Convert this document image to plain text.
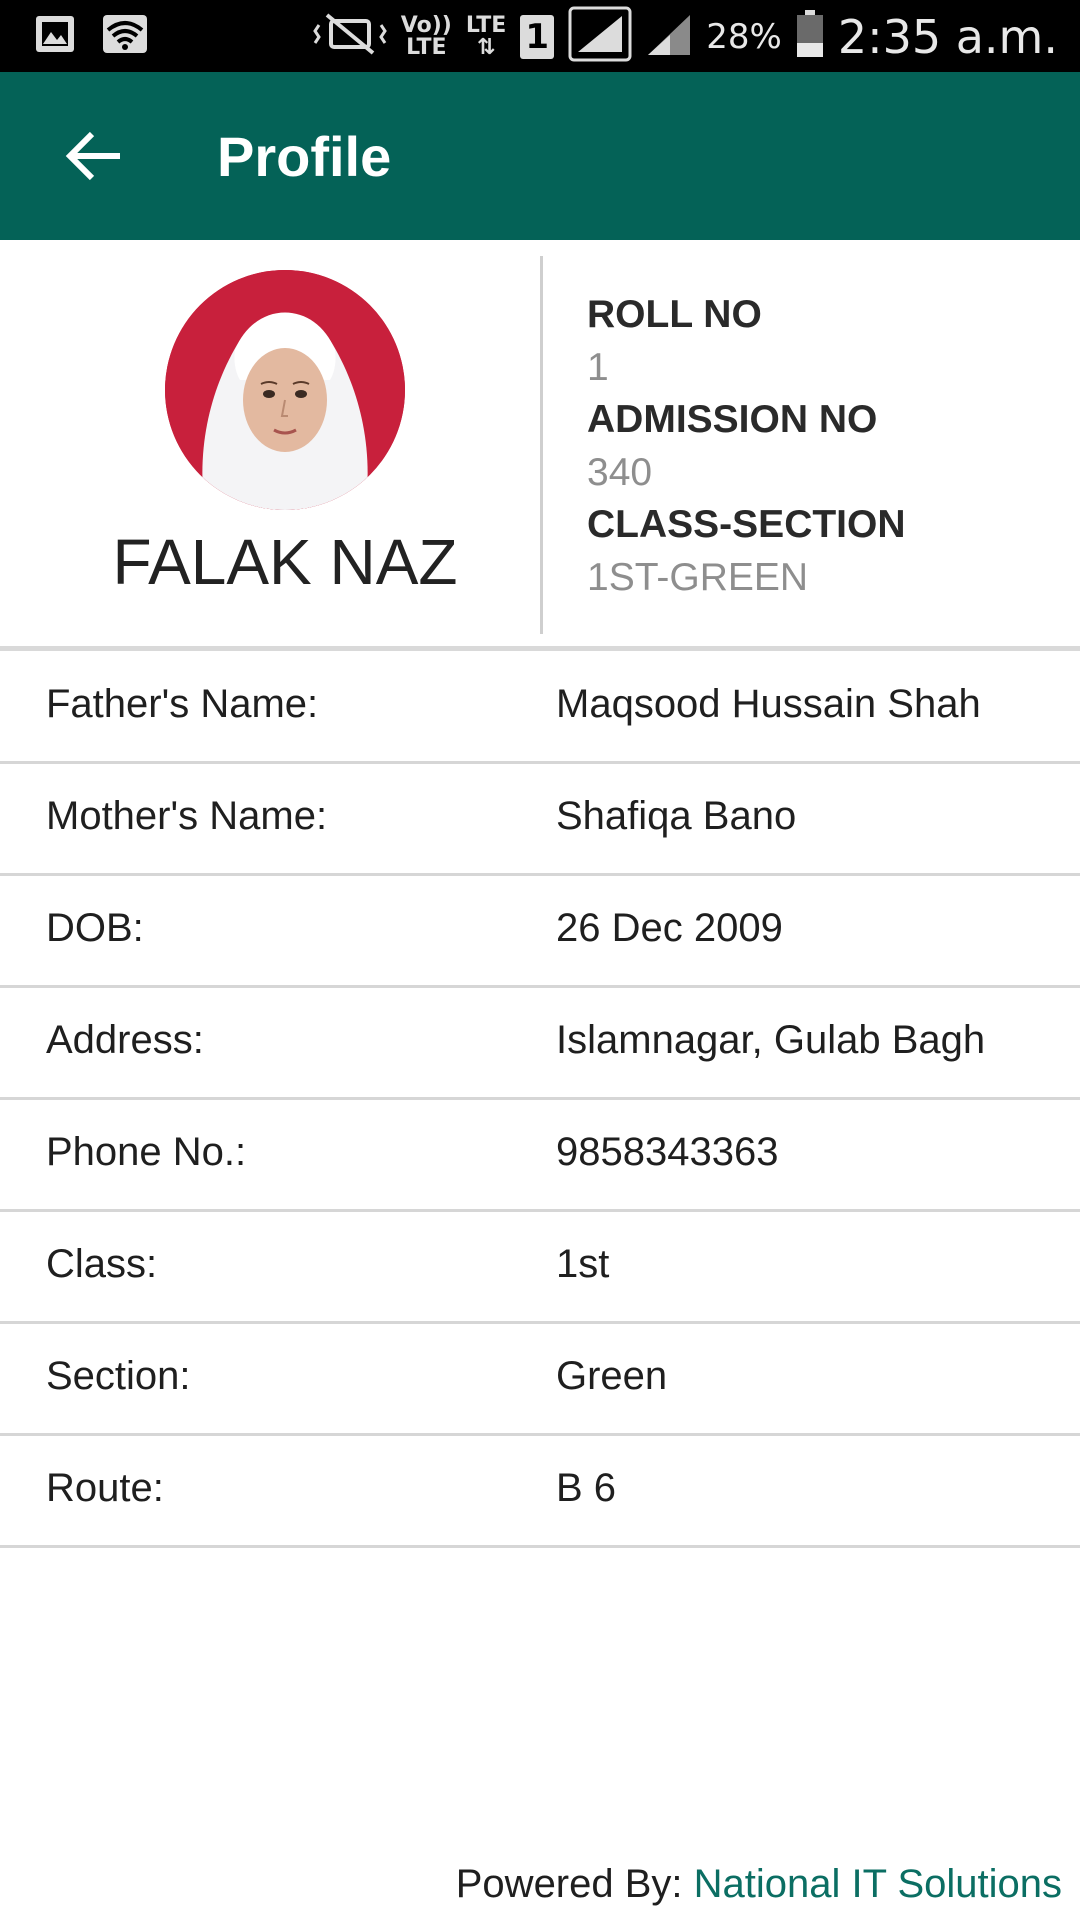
Vo))
LTE
LTE
⇅ 1	28% 2:35 a.m.
Profile
FALAK NAZ
ROLL NO
1
ADMISSION NO
340
CLASS-SECTION
1ST-GREEN
Father's Name:	Maqsood Hussain Shah
Mother's Name:	Shafiqa Bano
DOB:	26 Dec 2009
Address:	Islamnagar, Gulab Bagh
Phone No.:	9858343363
Class:	1st
Section:	Green
Route:	B 6
Powered By: National IT Solutions
